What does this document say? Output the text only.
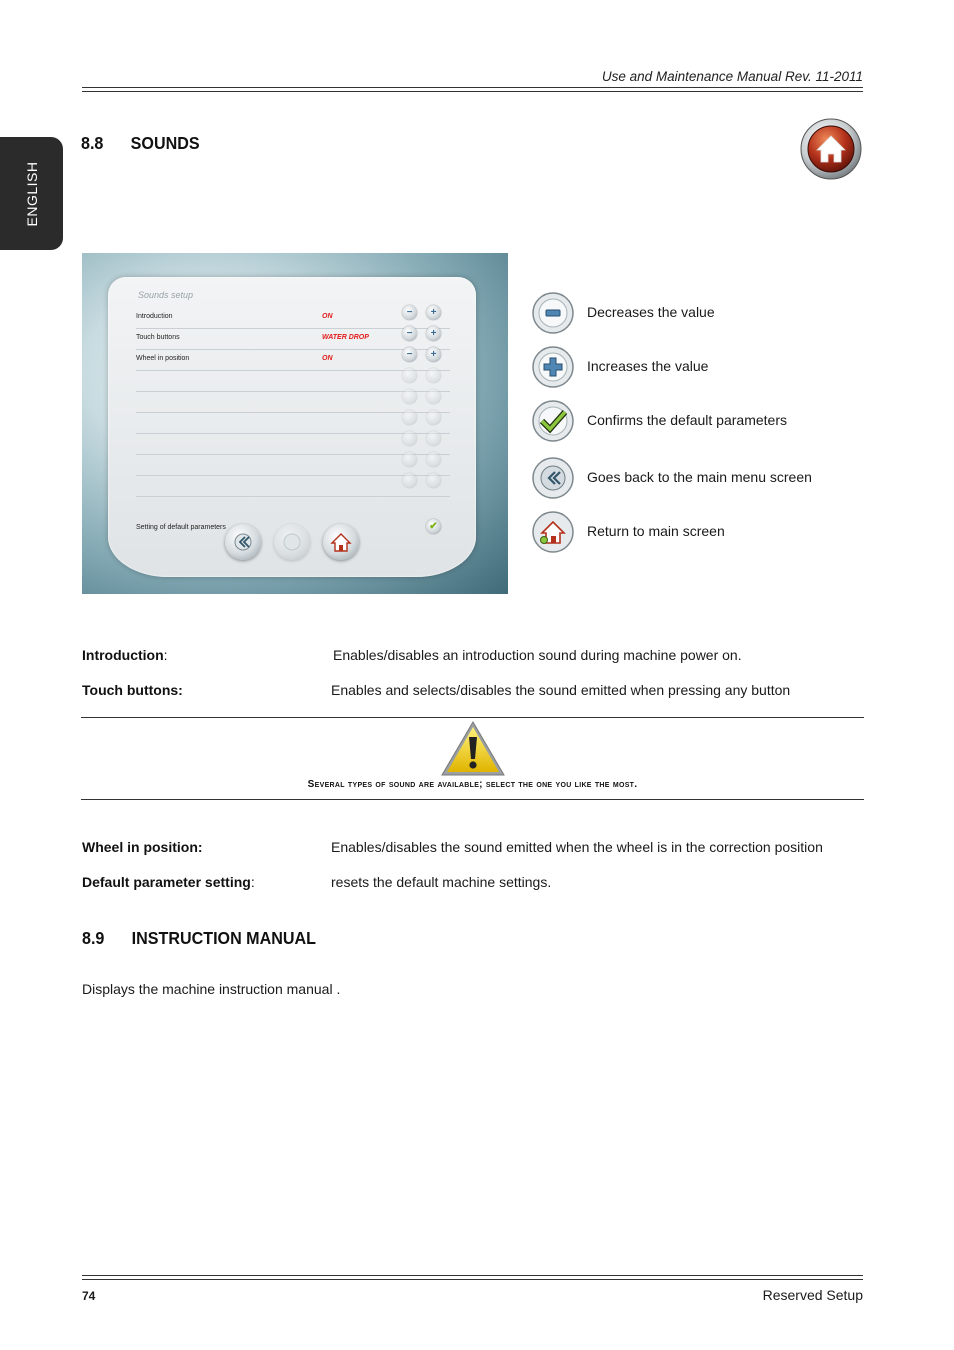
Use and Maintenance Manual Rev. 11-2011
ENGLISH
8.8 SOUNDS
Sounds setup
Introduction	ON
Touch buttons	WATER DROP
Wheel in position	ON
−	+
−	+
−	+
Setting of default parameters	✔
Decreases the value
Increases the value
Confirms the default parameters
Goes back to the main menu screen
Return to main screen
Introduction:	Enables/disables an introduction sound during machine power on.
Touch buttons:	Enables and selects/disables the sound emitted when pressing any button
Several types of sound are available; select the one you like the most.
Wheel in position:	Enables/disables the sound emitted when the wheel is in the correction position
Default parameter setting:	resets the default machine settings.
8.9 INSTRUCTION MANUAL
Displays the machine instruction manual .
74	Reserved Setup
